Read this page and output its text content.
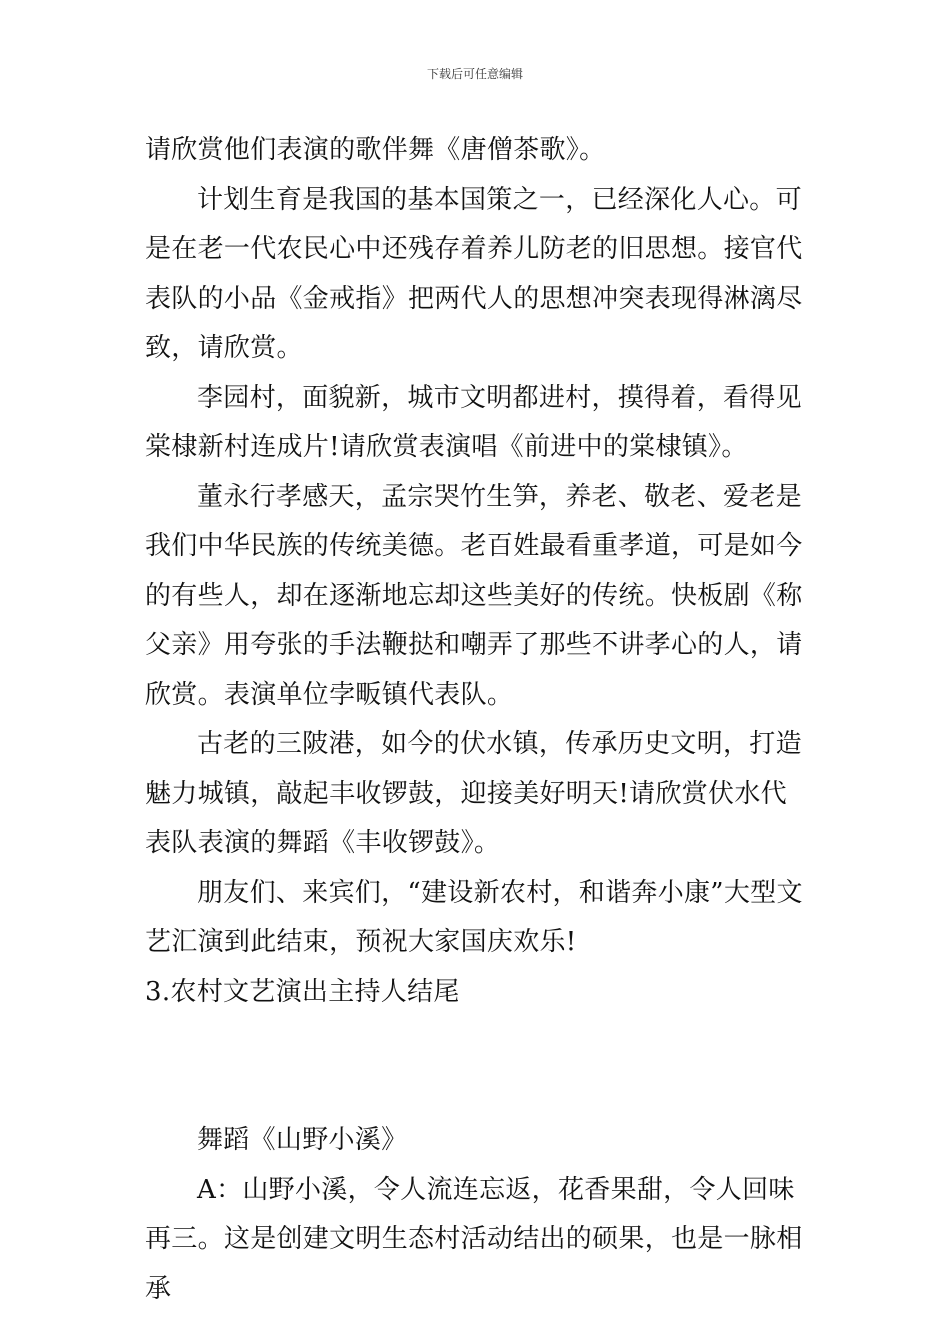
下载后可任意编辑

请欣赏他们表演的歌伴舞《唐僧茶歌》。

计划生育是我国的基本国策之一，已经深化人心。可是在老一代农民心中还残存着养儿防老的旧思想。接官代表队的小品《金戒指》把两代人的思想冲突表现得淋漓尽致，请欣赏。

李园村，面貌新，城市文明都进村，摸得着，看得见棠棣新村连成片!请欣赏表演唱《前进中的棠棣镇》。

董永行孝感天，孟宗哭竹生笋，养老、敬老、爱老是我们中华民族的传统美德。老百姓最看重孝道，可是如今的有些人，却在逐渐地忘却这些美好的传统。快板剧《称父亲》用夸张的手法鞭挞和嘲弄了那些不讲孝心的人，请欣赏。表演单位孛畈镇代表队。

古老的三陂港，如今的伏水镇，传承历史文明，打造魅力城镇，敲起丰收锣鼓，迎接美好明天!请欣赏伏水代表队表演的舞蹈《丰收锣鼓》。

朋友们、来宾们，“建设新农村，和谐奔小康”大型文艺汇演到此结束，预祝大家国庆欢乐!

3.农村文艺演出主持人结尾

舞蹈《山野小溪》

A：山野小溪，令人流连忘返，花香果甜，令人回味再三。这是创建文明生态村活动结出的硕果，也是一脉相承
